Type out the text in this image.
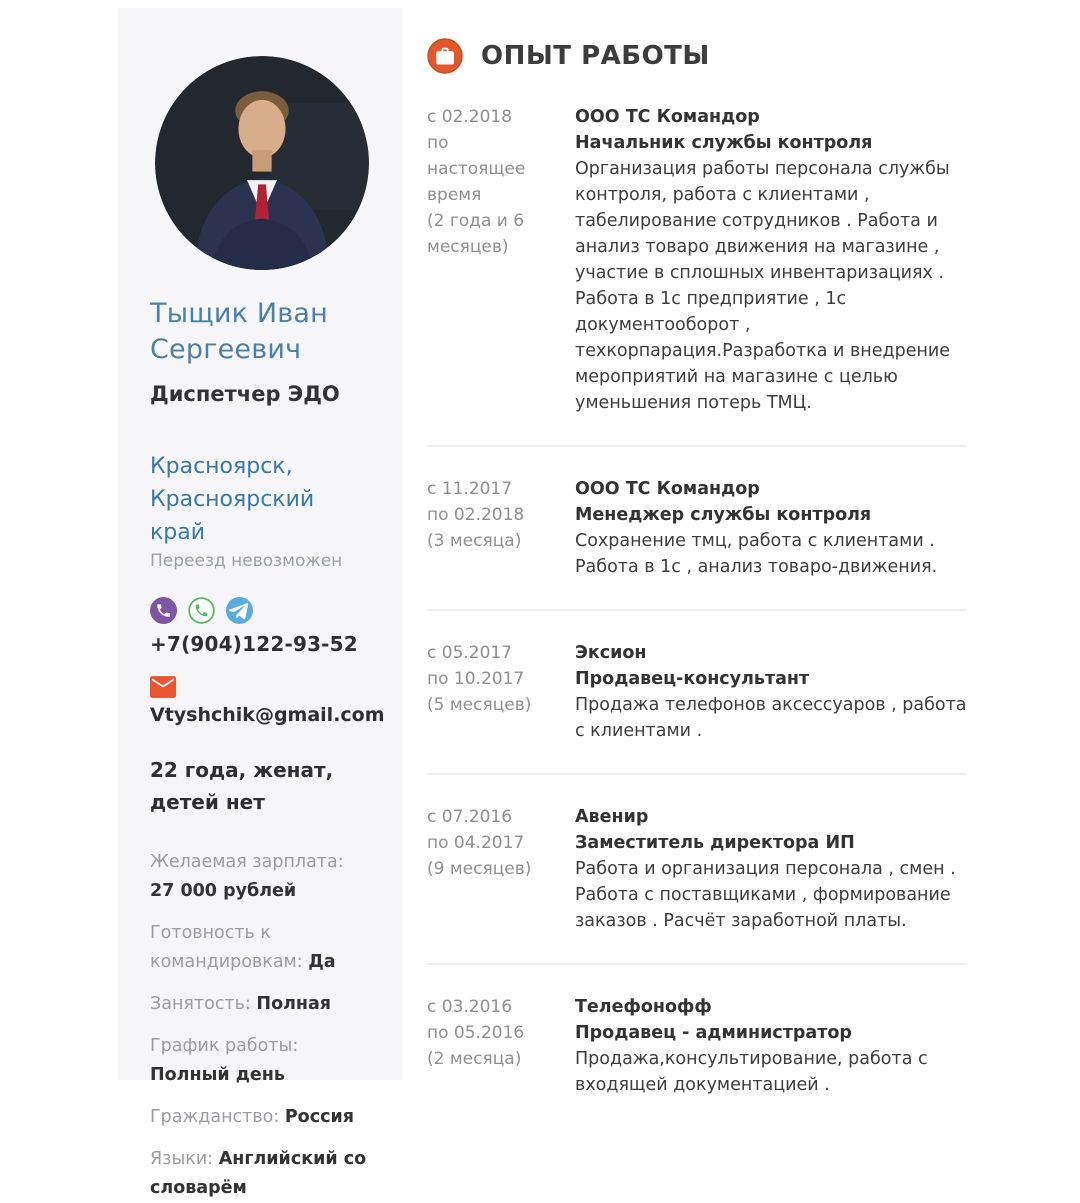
Тыщик Иван Сергеевич
Диспетчер ЭДО
Красноярск, Красноярский край
Переезд невозможен
+7(904)122-93-52
Vtyshchik@gmail.com
22 года, женат, детей нет
Желаемая зарплата:
27 000 рублей
Готовность к командировкам: Да
Занятость: Полная
График работы: Полный день
Гражданство: Россия
Языки: Английский со словарём
ОПЫТ РАБОТЫ
с 02.2018
по настоящее время
(2 года и 6 месяцев)
ООО ТС Командор
Начальник службы контроля
Организация работы персонала службы контроля, работа с клиентами , табелирование сотрудников . Работа и анализ товаро движения на магазине , участие в сплошных инвентаризациях . Работа в 1с предприятие , 1с документооборот , техкорпарация.Разработка и внедрение мероприятий на магазине с целью уменьшения потерь ТМЦ.
с 11.2017
по 02.2018
(3 месяца)
ООО ТС Командор
Менеджер службы контроля
Сохранение тмц, работа с клиентами . Работа в 1с , анализ товаро-движения.
с 05.2017
по 10.2017
(5 месяцев)
Эксион
Продавец-консультант
Продажа телефонов аксессуаров , работа с клиентами .
с 07.2016
по 04.2017
(9 месяцев)
Авенир
Заместитель директора ИП
Работа и организация персонала , смен . Работа с поставщиками , формирование заказов . Расчёт заработной платы.
с 03.2016
по 05.2016
(2 месяца)
Телефонофф
Продавец - администратор
Продажа,консультирование, работа с входящей документацией .
